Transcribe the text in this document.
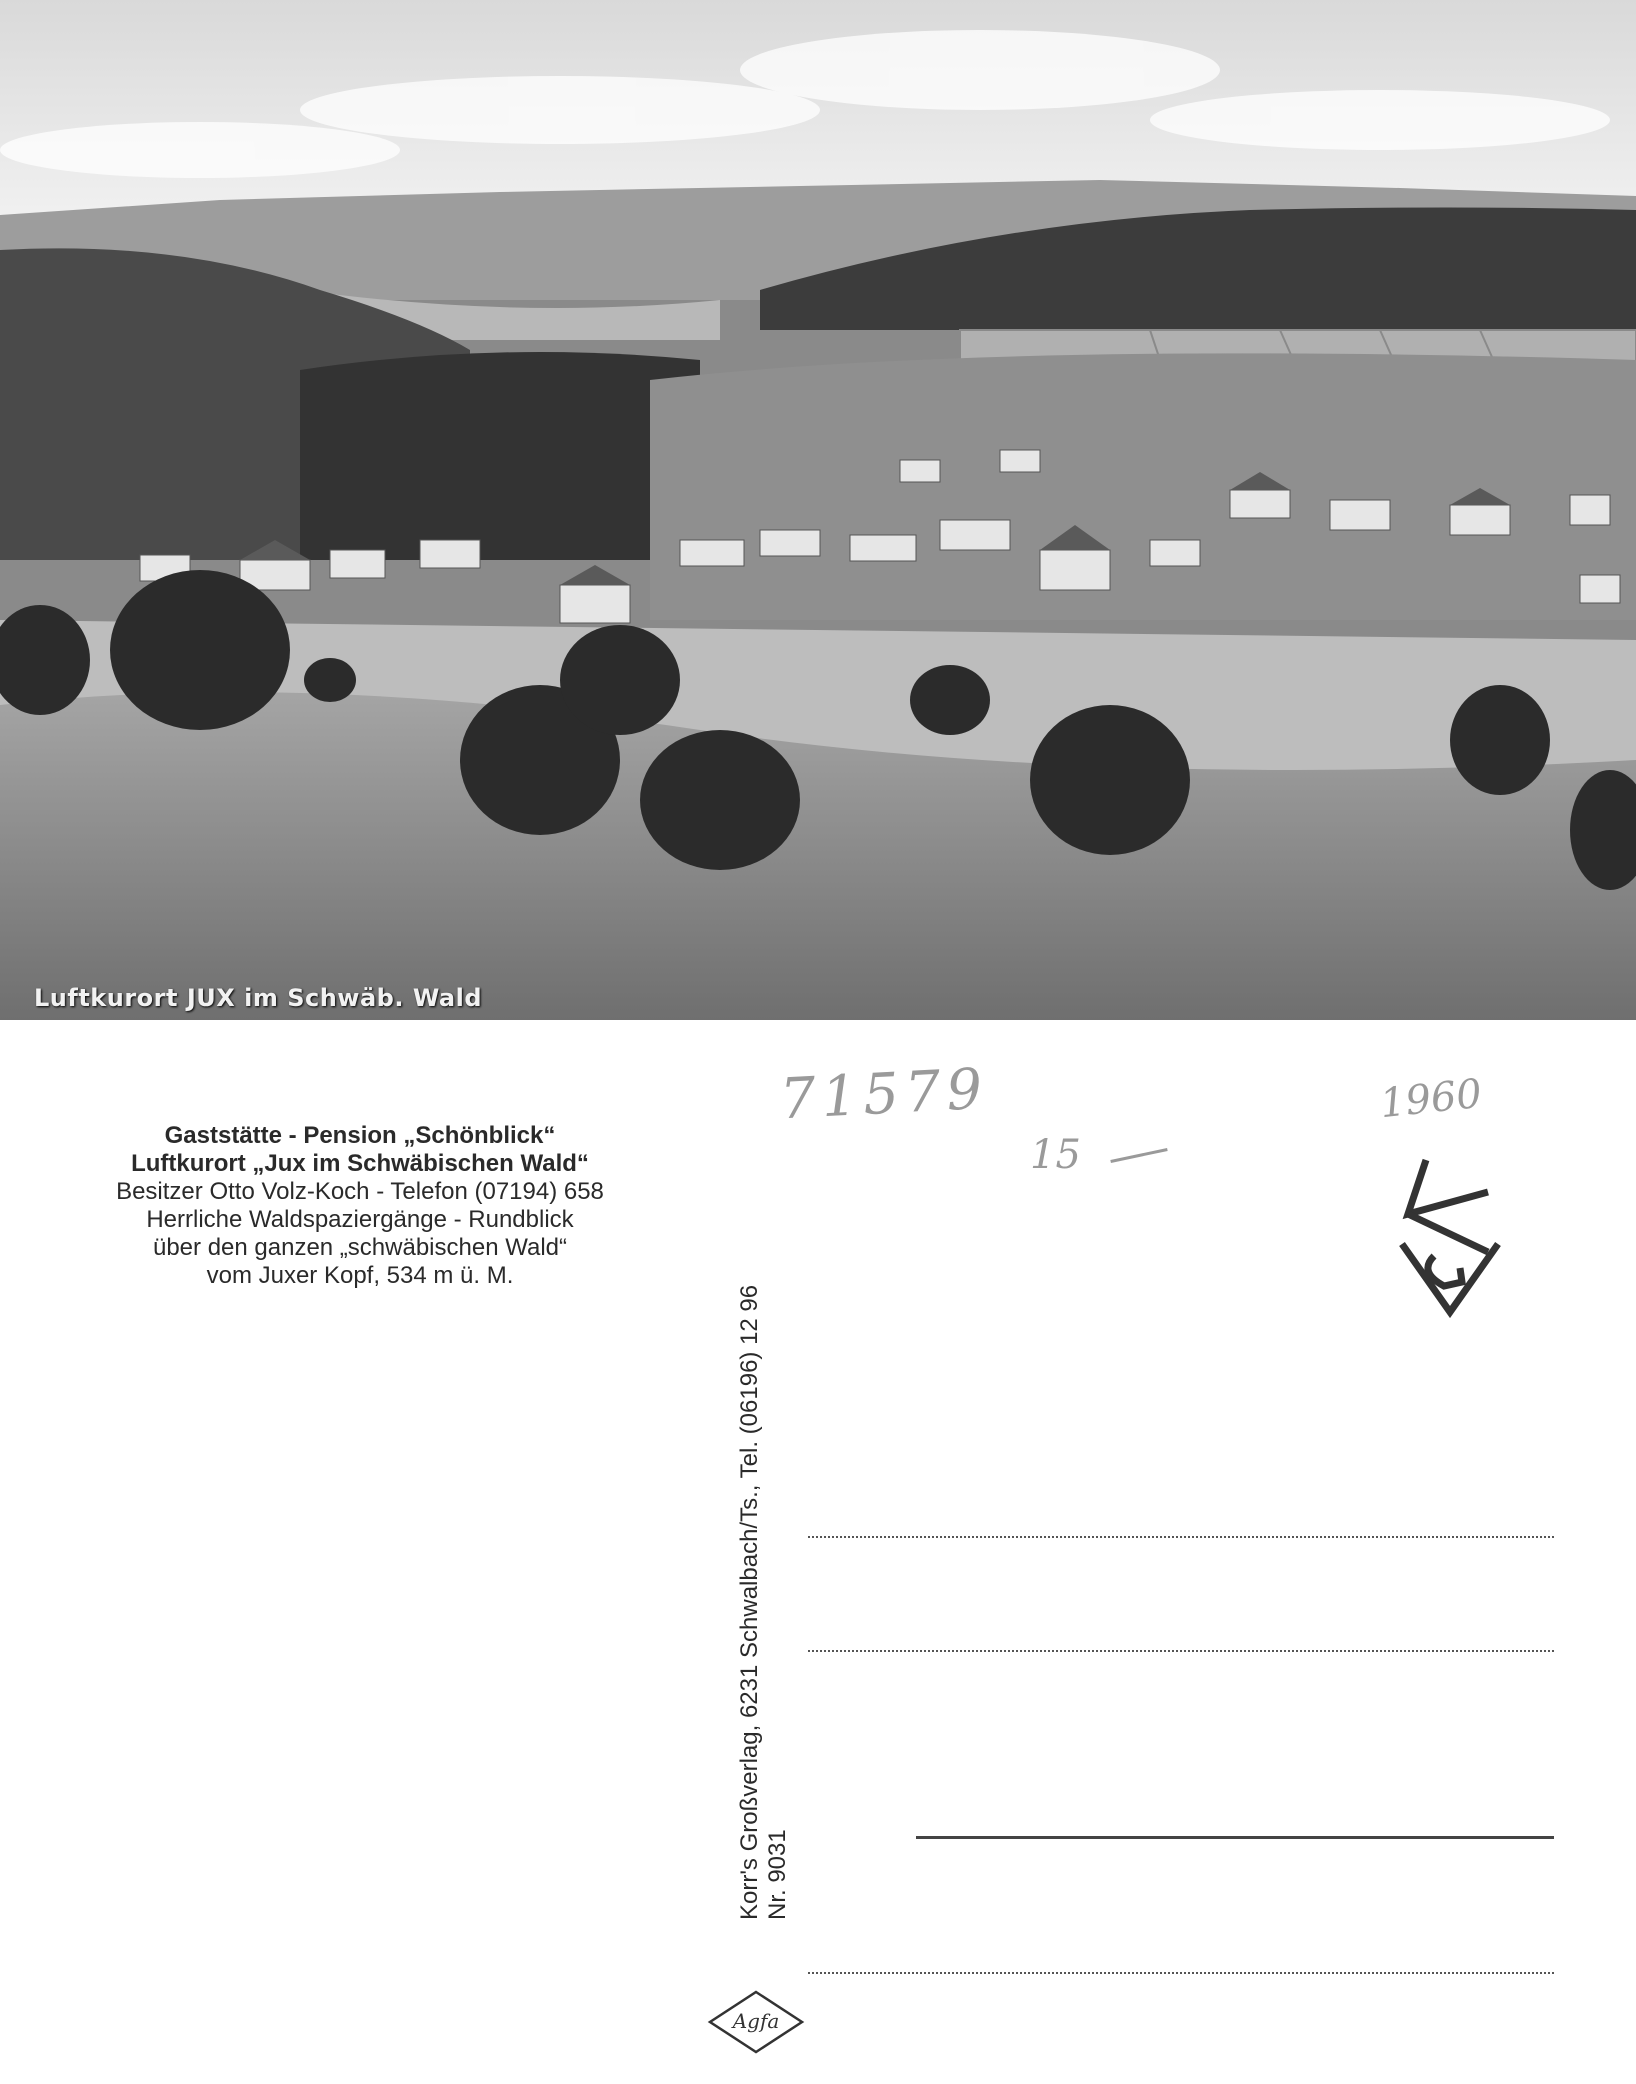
Luftkurort JUX im Schwäb. Wald
Gaststätte - Pension „Schönblick“
Luftkurort „Jux im Schwäbischen Wald“
Besitzer Otto Volz-Koch - Telefon (07194) 658
Herrliche Waldspaziergänge - Rundblick
über den ganzen „schwäbischen Wald“
vom Juxer Kopf, 534 m ü. M.
Korr's Großverlag, 6231 Schwalbach/Ts., Tel. (06196) 12 96 Nr. 9031
71579	1960
15
Agfa
